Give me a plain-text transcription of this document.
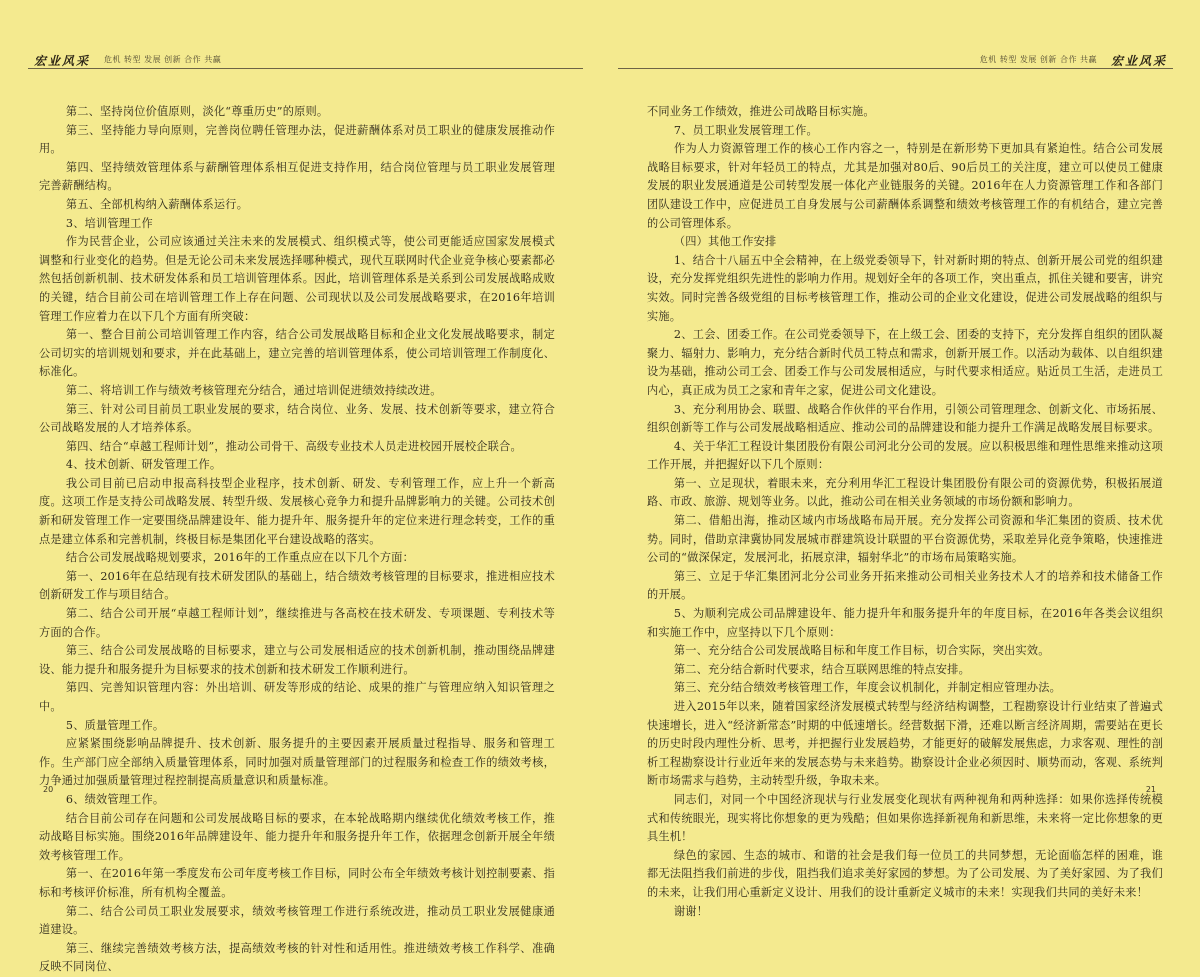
宏业风采 危机 转型 发展 创新 合作 共赢

第二、坚持岗位价值原则，淡化“尊重历史”的原则。

第三、坚持能力导向原则，完善岗位聘任管理办法，促进薪酬体系对员工职业的健康发展推动作用。

第四、坚持绩效管理体系与薪酬管理体系相互促进支持作用，结合岗位管理与员工职业发展管理完善薪酬结构。

第五、全部机构纳入薪酬体系运行。

3、培训管理工作

作为民营企业，公司应该通过关注未来的发展模式、组织模式等，使公司更能适应国家发展模式调整和行业变化的趋势。但是无论公司未来发展选择哪种模式，现代互联网时代企业竞争核心要素都必然包括创新机制、技术研发体系和员工培训管理体系。因此，培训管理体系是关系到公司发展战略成败的关键，结合目前公司在培训管理工作上存在问题、公司现状以及公司发展战略要求，在2016年培训管理工作应着力在以下几个方面有所突破：

第一、整合目前公司培训管理工作内容，结合公司发展战略目标和企业文化发展战略要求，制定公司切实的培训规划和要求，并在此基础上，建立完善的培训管理体系，使公司培训管理工作制度化、标准化。

第二、将培训工作与绩效考核管理充分结合，通过培训促进绩效持续改进。

第三、针对公司目前员工职业发展的要求，结合岗位、业务、发展、技术创新等要求，建立符合公司战略发展的人才培养体系。

第四、结合“卓越工程师计划”，推动公司骨干、高级专业技术人员走进校园开展校企联合。

4、技术创新、研发管理工作。

我公司目前已启动申报高科技型企业程序，技术创新、研发、专利管理工作，应上升一个新高度。这项工作是支持公司战略发展、转型升级、发展核心竞争力和提升品牌影响力的关键。公司技术创新和研发管理工作一定要围绕品牌建设年、能力提升年、服务提升年的定位来进行理念转变，工作的重点是建立体系和完善机制，终极目标是集团化平台建设战略的落实。

结合公司发展战略规划要求，2016年的工作重点应在以下几个方面：

第一、2016年在总结现有技术研发团队的基础上，结合绩效考核管理的目标要求，推进相应技术创新研发工作与项目结合。

第二、结合公司开展“卓越工程师计划”，继续推进与各高校在技术研发、专项课题、专利技术等方面的合作。

第三、结合公司发展战略的目标要求，建立与公司发展相适应的技术创新机制，推动围绕品牌建设、能力提升和服务提升为目标要求的技术创新和技术研发工作顺利进行。

第四、完善知识管理内容：外出培训、研发等形成的结论、成果的推广与管理应纳入知识管理之中。

5、质量管理工作。

应紧紧围绕影响品牌提升、技术创新、服务提升的主要因素开展质量过程指导、服务和管理工作。生产部门应全部纳入质量管理体系，同时加强对质量管理部门的过程服务和检查工作的绩效考核，力争通过加强质量管理过程控制提高质量意识和质量标准。

6、绩效管理工作。

结合目前公司存在问题和公司发展战略目标的要求，在本轮战略期内继续优化绩效考核工作，推动战略目标实施。围绕2016年品牌建设年、能力提升年和服务提升年工作，依据理念创新开展全年绩效考核管理工作。

第一、在2016年第一季度发布公司年度考核工作目标，同时公布全年绩效考核计划控制要素、指标和考核评价标准，所有机构全覆盖。

第二、结合公司员工职业发展要求，绩效考核管理工作进行系统改进，推动员工职业发展健康通道建设。

第三、继续完善绩效考核方法，提高绩效考核的针对性和适用性。推进绩效考核工作科学、准确反映不同岗位、

20
危机 转型 发展 创新 合作 共赢 宏业风采

不同业务工作绩效，推进公司战略目标实施。

7、员工职业发展管理工作。

作为人力资源管理工作的核心工作内容之一，特别是在新形势下更加具有紧迫性。结合公司发展战略目标要求，针对年轻员工的特点，尤其是加强对80后、90后员工的关注度，建立可以使员工健康发展的职业发展通道是公司转型发展一体化产业链服务的关键。2016年在人力资源管理工作和各部门团队建设工作中，应促进员工自身发展与公司薪酬体系调整和绩效考核管理工作的有机结合，建立完善的公司管理体系。

（四）其他工作安排

1、结合十八届五中全会精神，在上级党委领导下，针对新时期的特点、创新开展公司党的组织建设，充分发挥党组织先进性的影响力作用。规划好全年的各项工作，突出重点，抓住关键和要害，讲究实效。同时完善各级党组的目标考核管理工作，推动公司的企业文化建设，促进公司发展战略的组织与实施。

2、工会、团委工作。在公司党委领导下，在上级工会、团委的支持下，充分发挥自组织的团队凝聚力、辐射力、影响力，充分结合新时代员工特点和需求，创新开展工作。以活动为载体、以自组织建设为基础，推动公司工会、团委工作与公司发展相适应，与时代要求相适应。贴近员工生活，走进员工内心，真正成为员工之家和青年之家，促进公司文化建设。

3、充分利用协会、联盟、战略合作伙伴的平台作用，引领公司管理理念、创新文化、市场拓展、组织创新等工作与公司发展战略相适应、推动公司的品牌建设和能力提升工作满足战略发展目标要求。

4、关于华汇工程设计集团股份有限公司河北分公司的发展。应以积极思维和理性思维来推动这项工作开展，并把握好以下几个原则：

第一、立足现状，着眼未来，充分利用华汇工程设计集团股份有限公司的资源优势，积极拓展道路、市政、旅游、规划等业务。以此，推动公司在相关业务领域的市场份额和影响力。

第二、借船出海，推动区域内市场战略布局开展。充分发挥公司资源和华汇集团的资质、技术优势。同时，借助京津冀协同发展城市群建筑设计联盟的平台资源优势，采取差异化竞争策略，快速推进公司的“做深保定，发展河北，拓展京津，辐射华北”的市场布局策略实施。

第三、立足于华汇集团河北分公司业务开拓来推动公司相关业务技术人才的培养和技术储备工作的开展。

5、为顺利完成公司品牌建设年、能力提升年和服务提升年的年度目标，在2016年各类会议组织和实施工作中，应坚持以下几个原则：

第一、充分结合公司发展战略目标和年度工作目标，切合实际，突出实效。

第二、充分结合新时代要求，结合互联网思维的特点安排。

第三、充分结合绩效考核管理工作，年度会议机制化，并制定相应管理办法。

进入2015年以来，随着国家经济发展模式转型与经济结构调整，工程勘察设计行业结束了普遍式快速增长，进入“经济新常态”时期的中低速增长。经营数据下滑，还难以断言经济周期，需要站在更长的历史时段内理性分析、思考，并把握行业发展趋势，才能更好的破解发展焦虑，力求客观、理性的剖析工程勘察设计行业近年来的发展态势与未来趋势。勘察设计企业必须因时、顺势而动，客观、系统判断市场需求与趋势，主动转型升级，争取未来。

同志们，对同一个中国经济现状与行业发展变化现状有两种视角和两种选择：如果你选择传统模式和传统眼光，现实将比你想象的更为残酷；但如果你选择新视角和新思维，未来将一定比你想象的更具生机！

绿色的家园、生态的城市、和谐的社会是我们每一位员工的共同梦想，无论面临怎样的困难，谁都无法阻挡我们前进的步伐，阻挡我们追求美好家园的梦想。为了公司发展、为了美好家园、为了我们的未来，让我们用心重新定义设计、用我们的设计重新定义城市的未来！实现我们共同的美好未来！

谢谢！

21
